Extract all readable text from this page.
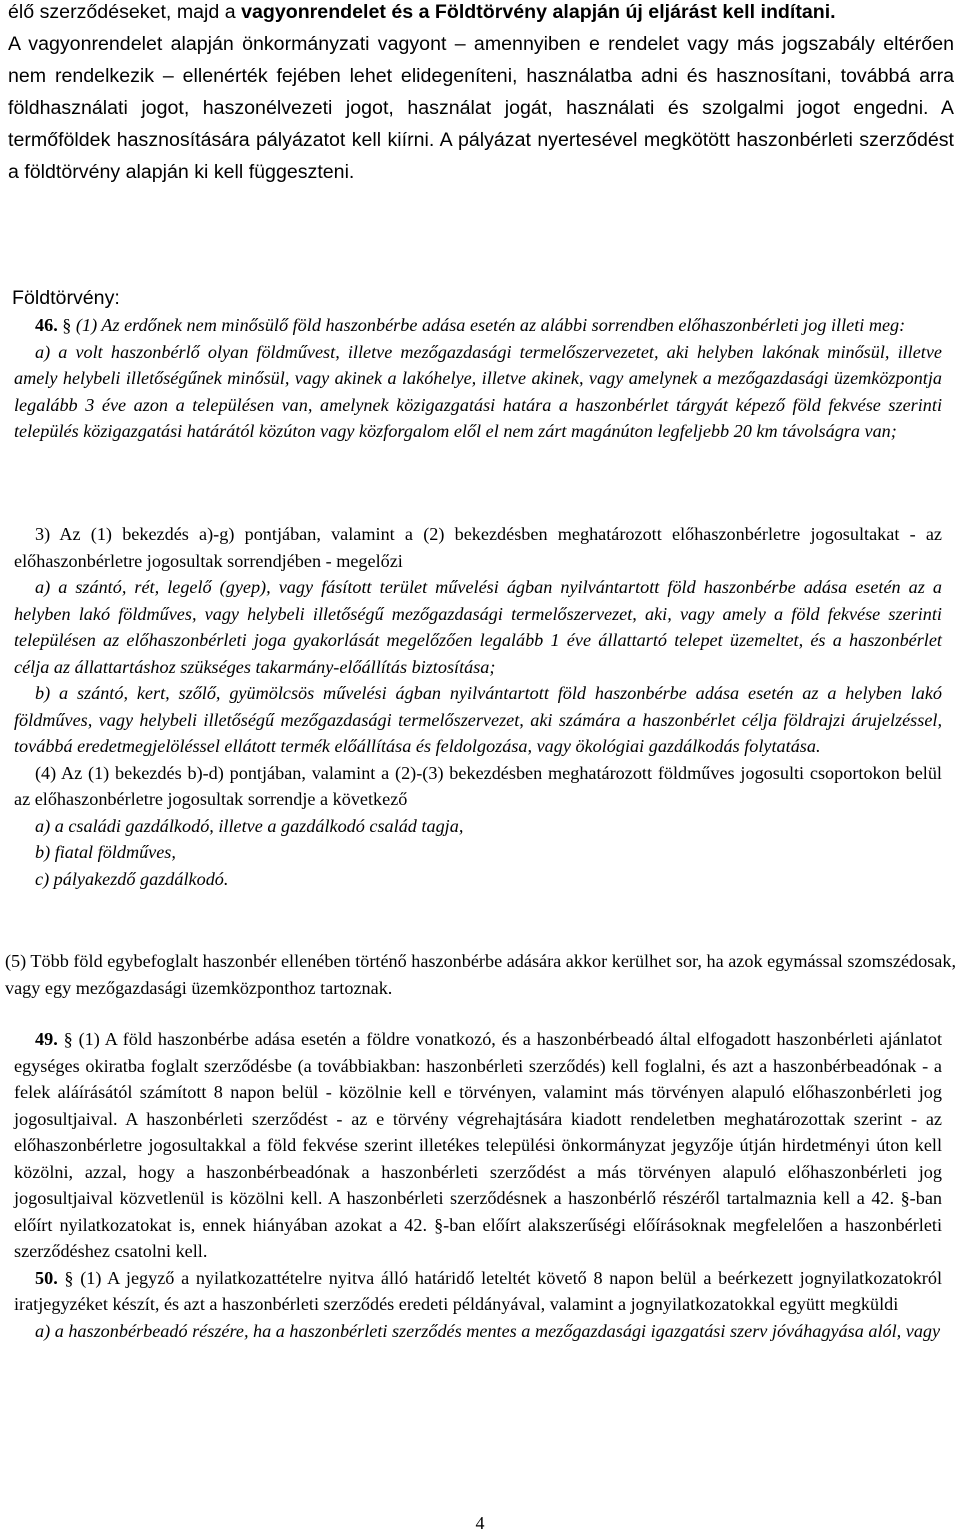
élő szerződéseket, majd a vagyonrendelet és a Földtörvény alapján új eljárást kell indítani.

A vagyonrendelet alapján önkormányzati vagyont – amennyiben e rendelet vagy más jogszabály eltérően nem rendelkezik – ellenérték fejében lehet elidegeníteni, használatba adni és hasznosítani, továbbá arra földhasználati jogot, haszonélvezeti jogot, használat jogát, használati és szolgalmi jogot engedni. A termőföldek hasznosítására pályázatot kell kiírni. A pályázat nyertesével megkötött haszonbérleti szerződést a földtörvény alapján ki kell függeszteni.

Földtörvény:

46. § (1) Az erdőnek nem minősülő föld haszonbérbe adása esetén az alábbi sorrendben előhaszonbérleti jog illeti meg:

a) a volt haszonbérlő olyan földművest, illetve mezőgazdasági termelőszervezetet, aki helyben lakónak minősül, illetve amely helybeli illetőségűnek minősül, vagy akinek a lakóhelye, illetve akinek, vagy amelynek a mezőgazdasági üzemközpontja legalább 3 éve azon a településen van, amelynek közigazgatási határa a haszonbérlet tárgyát képező föld fekvése szerinti település közigazgatási határától közúton vagy közforgalom elől el nem zárt magánúton legfeljebb 20 km távolságra van;

3) Az (1) bekezdés a)-g) pontjában, valamint a (2) bekezdésben meghatározott előhaszonbérletre jogosultakat - az előhaszonbérletre jogosultak sorrendjében - megelőzi

a) a szántó, rét, legelő (gyep), vagy fásított terület művelési ágban nyilvántartott föld haszonbérbe adása esetén az a helyben lakó földműves, vagy helybeli illetőségű mezőgazdasági termelőszervezet, aki, vagy amely a föld fekvése szerinti településen az előhaszonbérleti joga gyakorlását megelőzően legalább 1 éve állattartó telepet üzemeltet, és a haszonbérlet célja az állattartáshoz szükséges takarmány-előállítás biztosítása;

b) a szántó, kert, szőlő, gyümölcsös művelési ágban nyilvántartott föld haszonbérbe adása esetén az a helyben lakó földműves, vagy helybeli illetőségű mezőgazdasági termelőszervezet, aki számára a haszonbérlet célja földrajzi árujelzéssel, továbbá eredetmegjelöléssel ellátott termék előállítása és feldolgozása, vagy ökológiai gazdálkodás folytatása.

(4) Az (1) bekezdés b)-d) pontjában, valamint a (2)-(3) bekezdésben meghatározott földműves jogosulti csoportokon belül az előhaszonbérletre jogosultak sorrendje a következő

a) a családi gazdálkodó, illetve a gazdálkodó család tagja,

b) fiatal földműves,

c) pályakezdő gazdálkodó.

(5) Több föld egybefoglalt haszonbér ellenében történő haszonbérbe adására akkor kerülhet sor, ha azok egymással szomszédosak, vagy egy mezőgazdasági üzemközponthoz tartoznak.

49. § (1) A föld haszonbérbe adása esetén a földre vonatkozó, és a haszonbérbeadó által elfogadott haszonbérleti ajánlatot egységes okiratba foglalt szerződésbe (a továbbiakban: haszonbérleti szerződés) kell foglalni, és azt a haszonbérbeadónak - a felek aláírásától számított 8 napon belül - közölnie kell e törvényen, valamint más törvényen alapuló előhaszonbérleti jog jogosultjaival. A haszonbérleti szerződést - az e törvény végrehajtására kiadott rendeletben meghatározottak szerint - az előhaszonbérletre jogosultakkal a föld fekvése szerint illetékes települési önkormányzat jegyzője útján hirdetményi úton kell közölni, azzal, hogy a haszonbérbeadónak a haszonbérleti szerződést a más törvényen alapuló előhaszonbérleti jog jogosultjaival közvetlenül is közölni kell. A haszonbérleti szerződésnek a haszonbérlő részéről tartalmaznia kell a 42. §-ban előírt nyilatkozatokat is, ennek hiányában azokat a 42. §-ban előírt alakszerűségi előírásoknak megfelelően a haszonbérleti szerződéshez csatolni kell.

50. § (1) A jegyző a nyilatkozattételre nyitva álló határidő leteltét követő 8 napon belül a beérkezett jognyilatkozatokról iratjegyzéket készít, és azt a haszonbérleti szerződés eredeti példányával, valamint a jognyilatkozatokkal együtt megküldi

a) a haszonbérbeadó részére, ha a haszonbérleti szerződés mentes a mezőgazdasági igazgatási szerv jóváhagyása alól, vagy

4
